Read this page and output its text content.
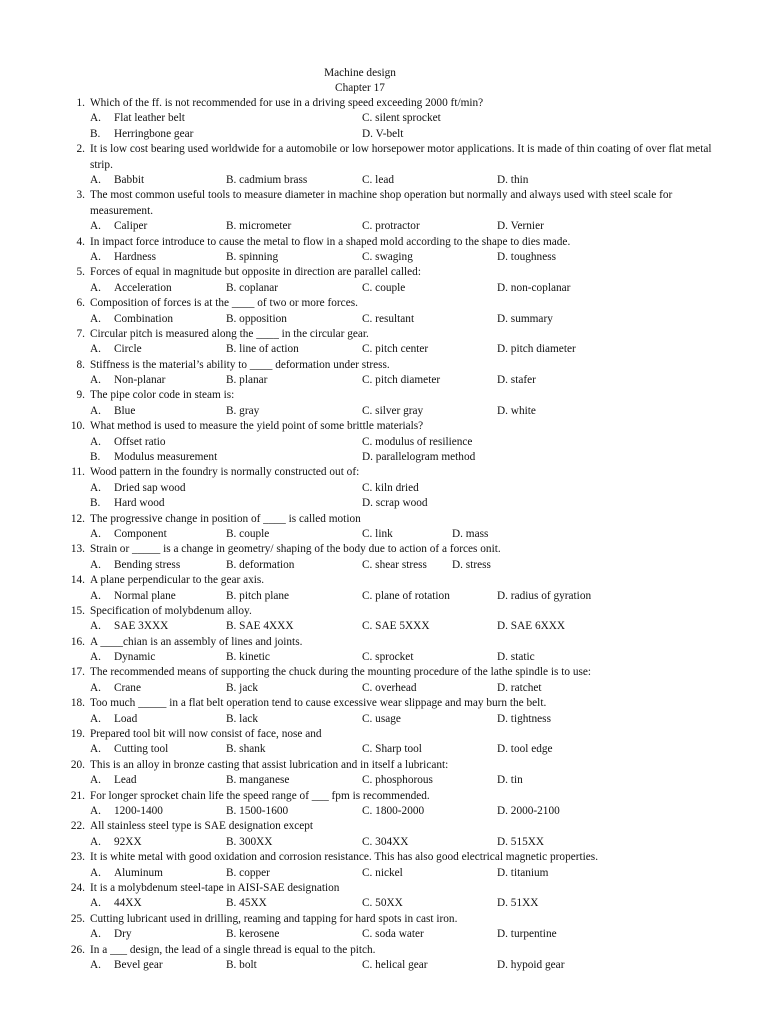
Machine design
Chapter 17
1. Which of the ff. is not recommended for use in a driving speed exceeding 2000 ft/min?
A. Flat leather belt	C. silent sprocket
B. Herringbone gear	D. V-belt
2. It is low cost bearing used worldwide for a automobile or low horsepower motor applications. It is made of thin coating of over flat metal strip.
A. Babbit	B. cadmium brass	C. lead	D. thin
3. The most common useful tools to measure diameter in machine shop operation but normally and always used with steel scale for measurement.
A. Caliper	B. micrometer	C. protractor	D. Vernier
4. In impact force introduce to cause the metal to flow in a shaped mold according to the shape to dies made.
A. Hardness	B. spinning	C. swaging	D. toughness
5. Forces of equal in magnitude but opposite in direction are parallel called:
A. Acceleration	B. coplanar	C. couple	D. non-coplanar
6. Composition of forces is at the ____ of two or more forces.
A. Combination	B. opposition	C. resultant	D. summary
7. Circular pitch is measured along the ____ in the circular gear.
A. Circle	B. line of action	C. pitch center	D. pitch diameter
8. Stiffness is the material’s ability to ____ deformation under stress.
A. Non-planar	B. planar	C. pitch diameter	D. stafer
9. The pipe color code in steam is:
A. Blue	B. gray	C. silver gray	D. white
10. What method is used to measure the yield point of some brittle materials?
A. Offset ratio	C. modulus of resilience
B. Modulus measurement	D. parallelogram method
11. Wood pattern in the foundry is normally constructed out of:
A. Dried sap wood	C. kiln dried
B. Hard wood	D. scrap wood
12. The progressive change in position of ____ is called motion
A. Component	B. couple	C. link	D. mass
13. Strain or _____ is a change in geometry/ shaping of the body due to action of a forces onit.
A. Bending stress	B. deformation	C. shear stress D. stress
14. A plane perpendicular to the gear axis.
A. Normal plane	B. pitch plane	C. plane of rotation	D. radius of gyration
15. Specification of molybdenum alloy.
A. SAE 3XXX	B. SAE 4XXX	C. SAE 5XXX	D. SAE 6XXX
16. A ____chian is an assembly of lines and joints.
A. Dynamic	B. kinetic	C. sprocket	D. static
17. The recommended means of supporting the chuck during the mounting procedure of the lathe spindle is to use:
A. Crane	B. jack	C. overhead	D. ratchet
18. Too much _____ in a flat belt operation tend to cause excessive wear slippage and may burn the belt.
A. Load	B. lack	C. usage	D. tightness
19. Prepared tool bit will now consist of face, nose and
A. Cutting tool	B. shank	C. Sharp tool	D. tool edge
20. This is an alloy in bronze casting that assist lubrication and in itself a lubricant:
A. Lead	B. manganese	C. phosphorous	D. tin
21. For longer sprocket chain life the speed range of ___ fpm is recommended.
A. 1200-1400	B. 1500-1600	C. 1800-2000	D. 2000-2100
22. All stainless steel type is SAE designation except
A. 92XX	B. 300XX	C. 304XX	D. 515XX
23. It is white metal with good oxidation and corrosion resistance. This has also good electrical magnetic properties.
A. Aluminum	B. copper	C. nickel	D. titanium
24. It is a molybdenum steel-tape in AISI-SAE designation
A. 44XX	B. 45XX	C. 50XX	D. 51XX
25. Cutting lubricant used in drilling, reaming and tapping for hard spots in cast iron.
A. Dry	B. kerosene	C. soda water	D. turpentine
26. In a ___ design, the lead of a single thread is equal to the pitch.
A. Bevel gear	B. bolt	C. helical gear	D. hypoid gear
